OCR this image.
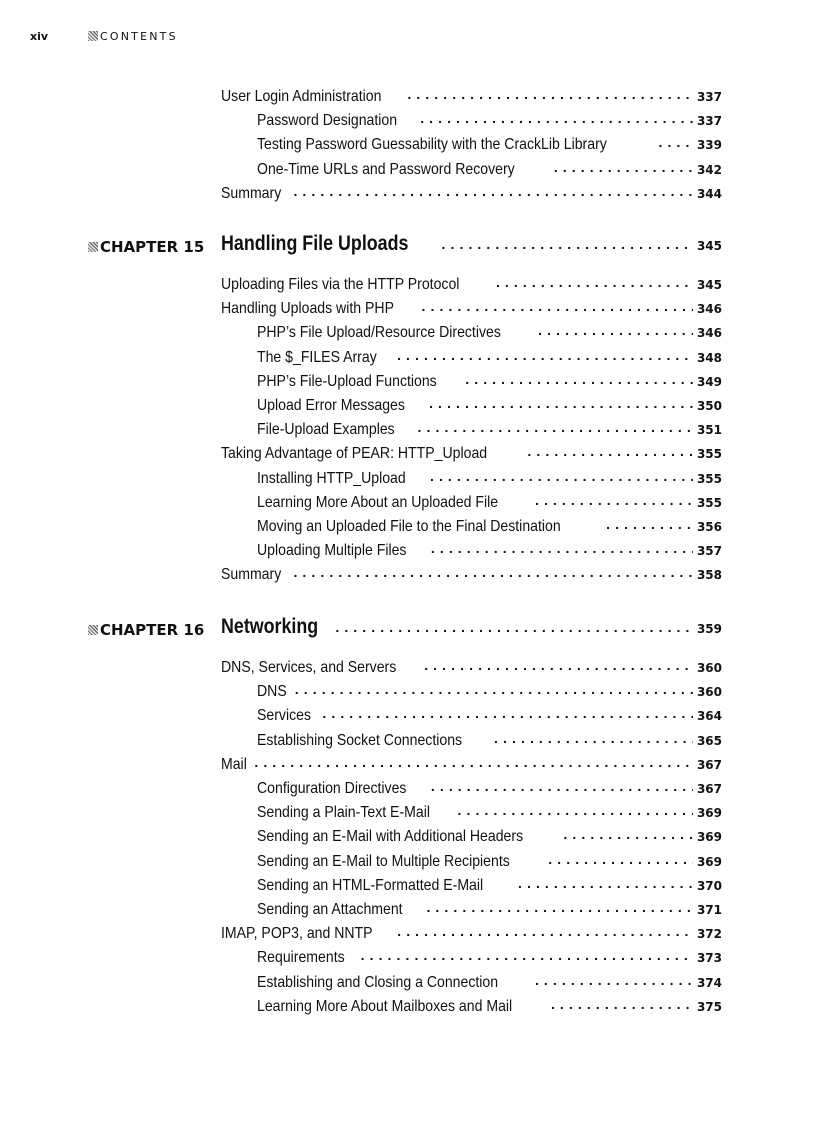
xiv	CONTENTS
User Login Administration . . .	337
Password Designation . . .	337
Testing Password Guessability with the CrackLib Library . . .	339
One-Time URLs and Password Recovery . . .	342
Summary . . .	344
CHAPTER 15 Handling File Uploads . . .	345
Uploading Files via the HTTP Protocol . . .	345
Handling Uploads with PHP . . .	346
PHP’s File Upload/Resource Directives . . .	346
The $_FILES Array . . .	348
PHP’s File-Upload Functions . . .	349
Upload Error Messages . . .	350
File-Upload Examples . . .	351
Taking Advantage of PEAR: HTTP_Upload . . .	355
Installing HTTP_Upload . . .	355
Learning More About an Uploaded File . . .	355
Moving an Uploaded File to the Final Destination . . .	356
Uploading Multiple Files . . .	357
Summary . . .	358
CHAPTER 16 Networking . . .	359
DNS, Services, and Servers . . .	360
DNS . . .	360
Services . . .	364
Establishing Socket Connections . . .	365
Mail . . .	367
Configuration Directives . . .	367
Sending a Plain-Text E-Mail . . .	369
Sending an E-Mail with Additional Headers . . .	369
Sending an E-Mail to Multiple Recipients . . .	369
Sending an HTML-Formatted E-Mail . . .	370
Sending an Attachment . . .	371
IMAP, POP3, and NNTP . . .	372
Requirements . . .	373
Establishing and Closing a Connection . . .	374
Learning More About Mailboxes and Mail . . .	375
